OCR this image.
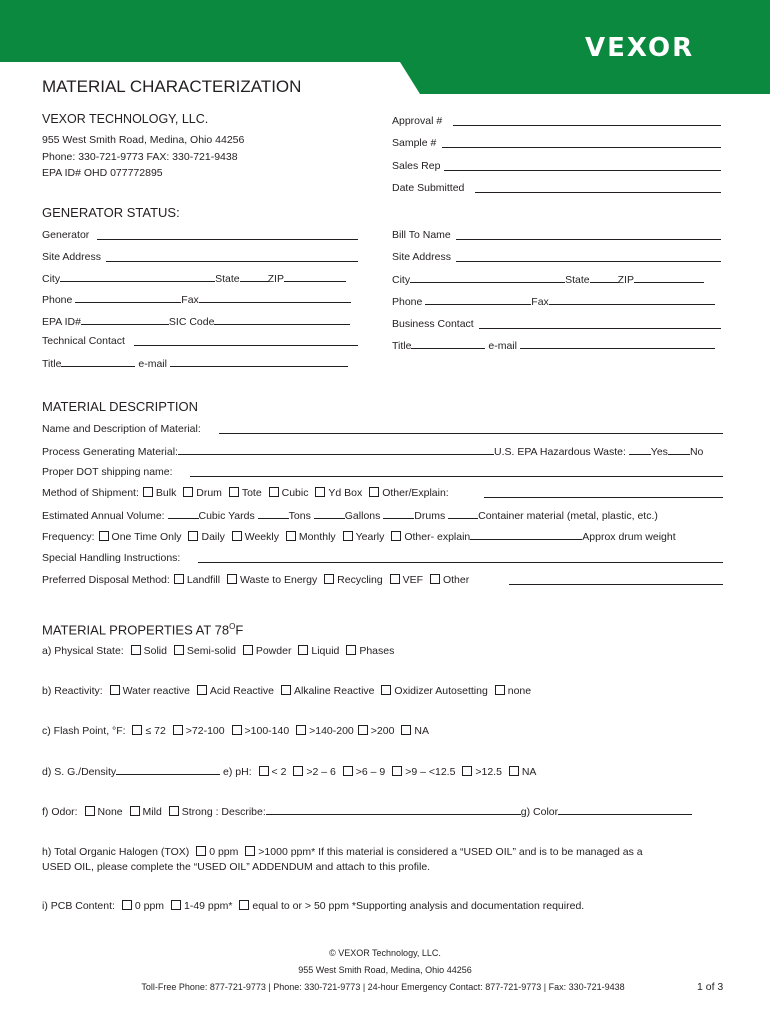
VEXOR
MATERIAL CHARACTERIZATION
VEXOR TECHNOLOGY, LLC.
955 West Smith Road, Medina, Ohio 44256
Phone: 330-721-9773 FAX: 330-721-9438
EPA ID# OHD 077772895
Approval #
Sample #
Sales Rep
Date Submitted
GENERATOR STATUS:
Generator	Bill To Name
Site Address	Site Address
City	State	ZIP	City	State	ZIP
Phone	Fax	Phone	Fax
EPA ID#	SIC Code	Business Contact
Technical Contact	Title	e-mail
Title	e-mail
MATERIAL DESCRIPTION
Name and Description of Material:
Process Generating Material:	U.S. EPA Hazardous Waste: Yes No
Proper DOT shipping name:
Method of Shipment: Bulk Drum Tote Cubic Yd Box Other/Explain:
Estimated Annual Volume:	Cubic Yards	Tons	Gallons	Drums	Container material (metal, plastic, etc.)
Frequency: One Time Only Daily Weekly Monthly Yearly Other- explain	Approx drum weight
Special Handling Instructions:
Preferred Disposal Method: Landfill Waste to Energy Recycling VEF Other
MATERIAL PROPERTIES AT $78^OF$
a) Physical State: Solid Semi-solid Powder Liquid Phases
b) Reactivity: Water reactive Acid Reactive Alkaline Reactive Oxidizer Autosetting none
c) Flash Point, °F: ≤ 72 >72-100 >100-140 >140-200 >200 NA
d) S. G./Density	e) pH: < 2 >2 – 6 >6 – 9 >9 – <12.5 >12.5 NA
f) Odor: None Mild Strong : Describe:	g) Color
h) Total Organic Halogen (TOX) 0 ppm >1000 ppm* If this material is considered a “USED OIL” and is to be managed as a
USED OIL, please complete the “USED OIL” ADDENDUM and attach to this profile.
i) PCB Content: 0 ppm 1-49 ppm* equal to or > 50 ppm *Supporting analysis and documentation required.
© VEXOR Technology, LLC.
955 West Smith Road, Medina, Ohio 44256
Toll-Free Phone: 877-721-9773 | Phone: 330-721-9773 | 24-hour Emergency Contact: 877-721-9773 | Fax: 330-721-9438	1 of 3
